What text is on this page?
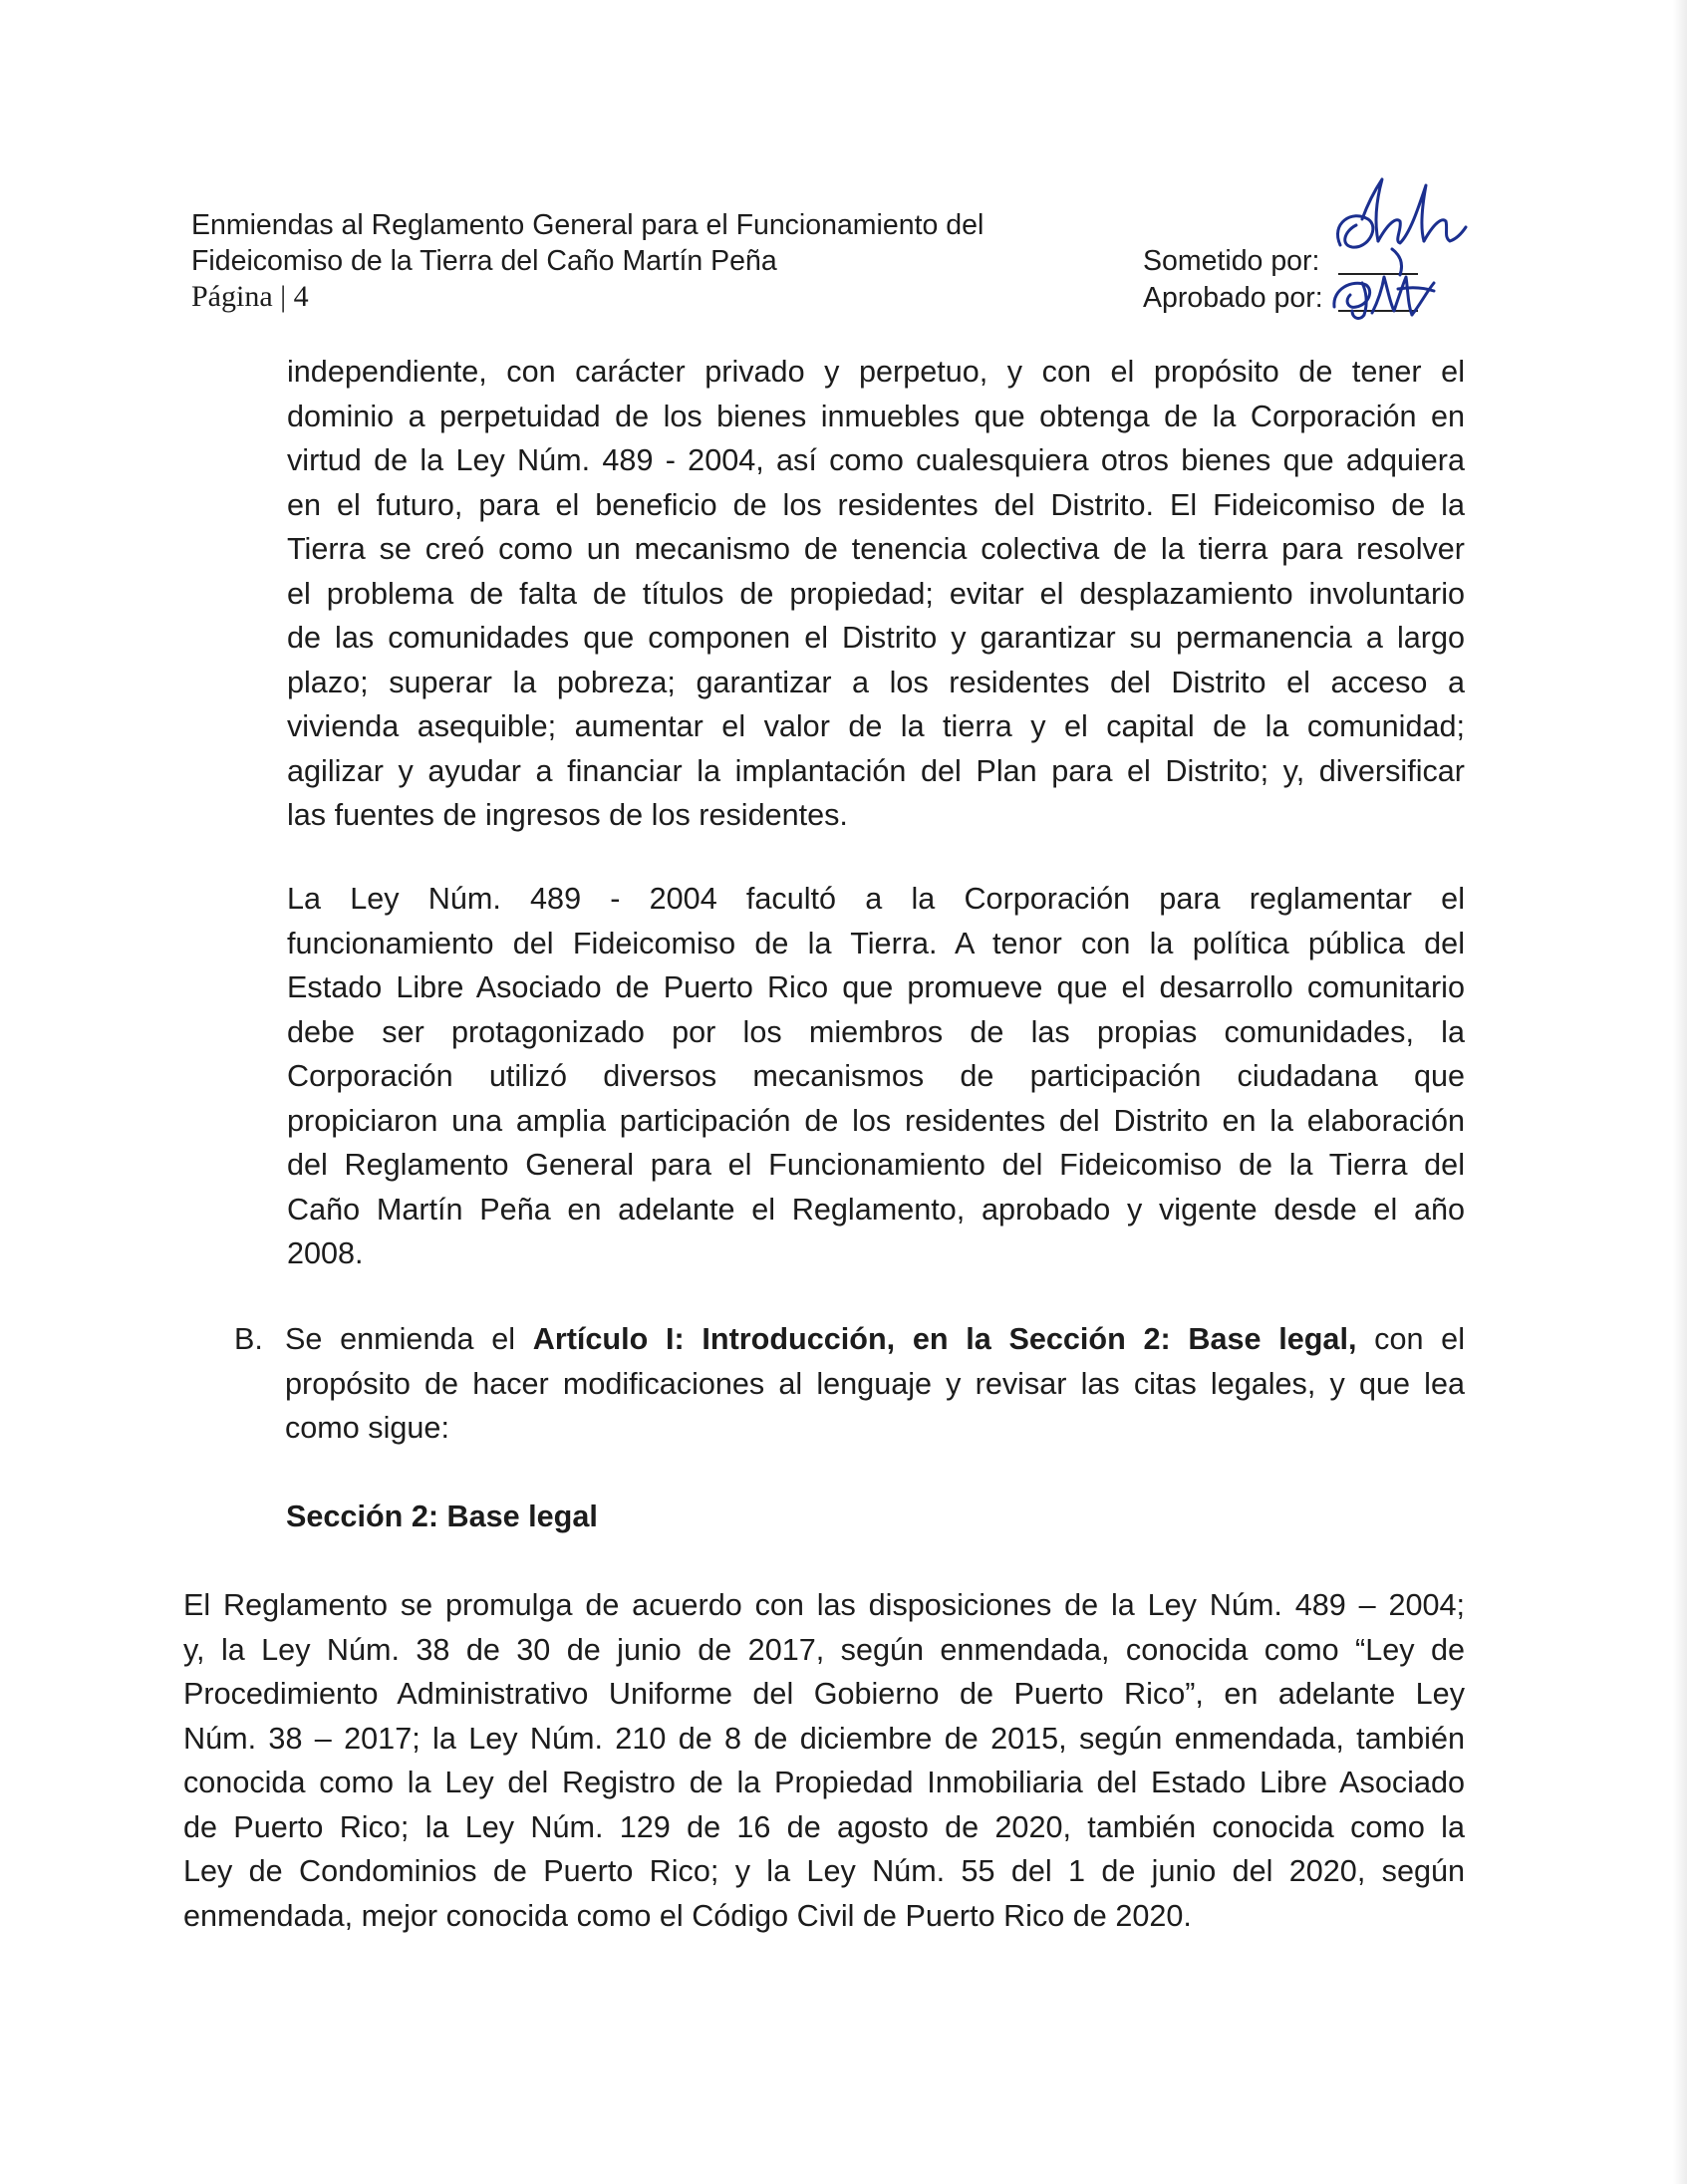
Enmiendas al Reglamento General para el Funcionamiento del
Fideicomiso de la Tierra del Caño Martín Peña
Página | 4
Sometido por:
Aprobado por:
independiente, con carácter privado y perpetuo, y con el propósito de tener el
dominio a perpetuidad de los bienes inmuebles que obtenga de la Corporación en
virtud de la Ley Núm. 489 - 2004, así como cualesquiera otros bienes que adquiera
en el futuro, para el beneficio de los residentes del Distrito. El Fideicomiso de la
Tierra se creó como un mecanismo de tenencia colectiva de la tierra para resolver
el problema de falta de títulos de propiedad; evitar el desplazamiento involuntario
de las comunidades que componen el Distrito y garantizar su permanencia a largo
plazo; superar la pobreza; garantizar a los residentes del Distrito el acceso a
vivienda asequible; aumentar el valor de la tierra y el capital de la comunidad;
agilizar y ayudar a financiar la implantación del Plan para el Distrito; y, diversificar
las fuentes de ingresos de los residentes.
La Ley Núm. 489 - 2004 facultó a la Corporación para reglamentar el
funcionamiento del Fideicomiso de la Tierra. A tenor con la política pública del
Estado Libre Asociado de Puerto Rico que promueve que el desarrollo comunitario
debe ser protagonizado por los miembros de las propias comunidades, la
Corporación utilizó diversos mecanismos de participación ciudadana que
propiciaron una amplia participación de los residentes del Distrito en la elaboración
del Reglamento General para el Funcionamiento del Fideicomiso de la Tierra del
Caño Martín Peña en adelante el Reglamento, aprobado y vigente desde el año
2008.
B. Se enmienda el Artículo I: Introducción, en la Sección 2: Base legal, con el
propósito de hacer modificaciones al lenguaje y revisar las citas legales, y que lea
como sigue:
Sección 2: Base legal
El Reglamento se promulga de acuerdo con las disposiciones de la Ley Núm. 489 – 2004;
y, la Ley Núm. 38 de 30 de junio de 2017, según enmendada, conocida como “Ley de
Procedimiento Administrativo Uniforme del Gobierno de Puerto Rico”, en adelante Ley
Núm. 38 – 2017; la Ley Núm. 210 de 8 de diciembre de 2015, según enmendada, también
conocida como la Ley del Registro de la Propiedad Inmobiliaria del Estado Libre Asociado
de Puerto Rico; la Ley Núm. 129 de 16 de agosto de 2020, también conocida como la
Ley de Condominios de Puerto Rico; y la Ley Núm. 55 del 1 de junio del 2020, según
enmendada, mejor conocida como el Código Civil de Puerto Rico de 2020.
